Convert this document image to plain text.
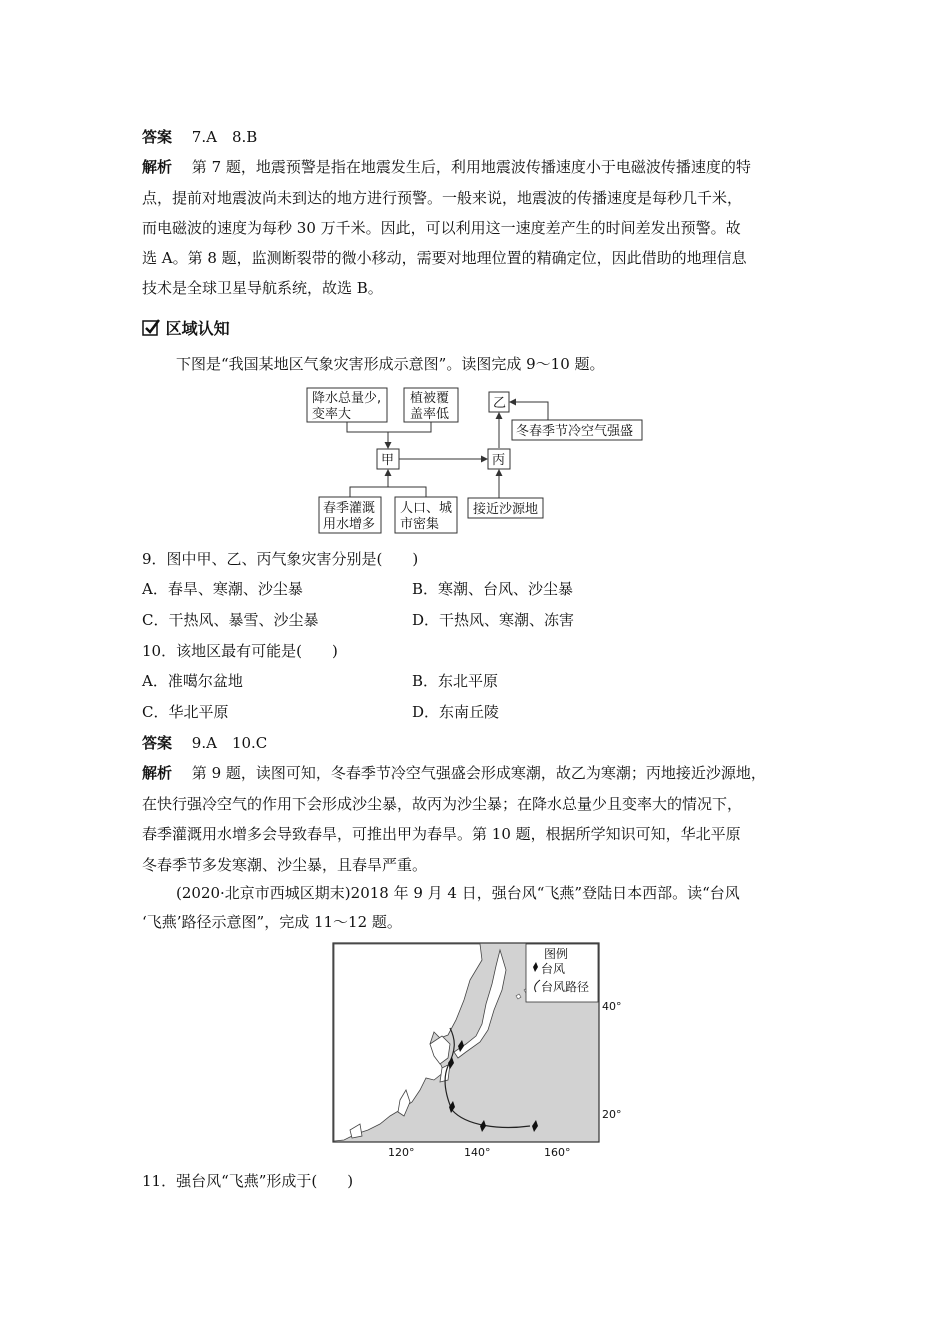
答案　 7.A　8.B
解析　 第 7 题，地震预警是指在地震发生后，利用地震波传播速度小于电磁波传播速度的特
点，提前对地震波尚未到达的地方进行预警。一般来说，地震波的传播速度是每秒几千米，
而电磁波的速度为每秒 30 万千米。因此，可以利用这一速度差产生的时间差发出预警。故
选 A。第 8 题，监测断裂带的微小移动，需要对地理位置的精确定位，因此借助的地理信息
技术是全球卫星导航系统，故选 B。
区域认知
下图是“我国某地区气象灾害形成示意图”。读图完成 9～10 题。
降水总量少,
变率大
植被覆
盖率低
甲	丙
乙
冬春季节冷空气强盛
春季灌溉
用水增多
人口、城
市密集
接近沙源地
9．图中甲、乙、丙气象灾害分别是(　　)
A．春旱、寒潮、沙尘暴	B．寒潮、台风、沙尘暴
C．干热风、暴雪、沙尘暴	D．干热风、寒潮、冻害
10．该地区最有可能是(　　)
A．准噶尔盆地	B．东北平原
C．华北平原	D．东南丘陵
答案　 9.A　10.C
解析　 第 9 题，读图可知，冬春季节冷空气强盛会形成寒潮，故乙为寒潮；丙地接近沙源地，
在快行强冷空气的作用下会形成沙尘暴，故丙为沙尘暴；在降水总量少且变率大的情况下，
春季灌溉用水增多会导致春旱，可推出甲为春旱。第 10 题，根据所学知识可知，华北平原
冬春季节多发寒潮、沙尘暴，且春旱严重。
(2020·北京市西城区期末)2018 年 9 月 4 日，强台风“飞燕”登陆日本西部。读“台风
‘飞燕’路径示意图”，完成 11～12 题。
图例
台风
台风路径
40°
20°
120°	140°	160°
11．强台风“飞燕”形成于(　　)
